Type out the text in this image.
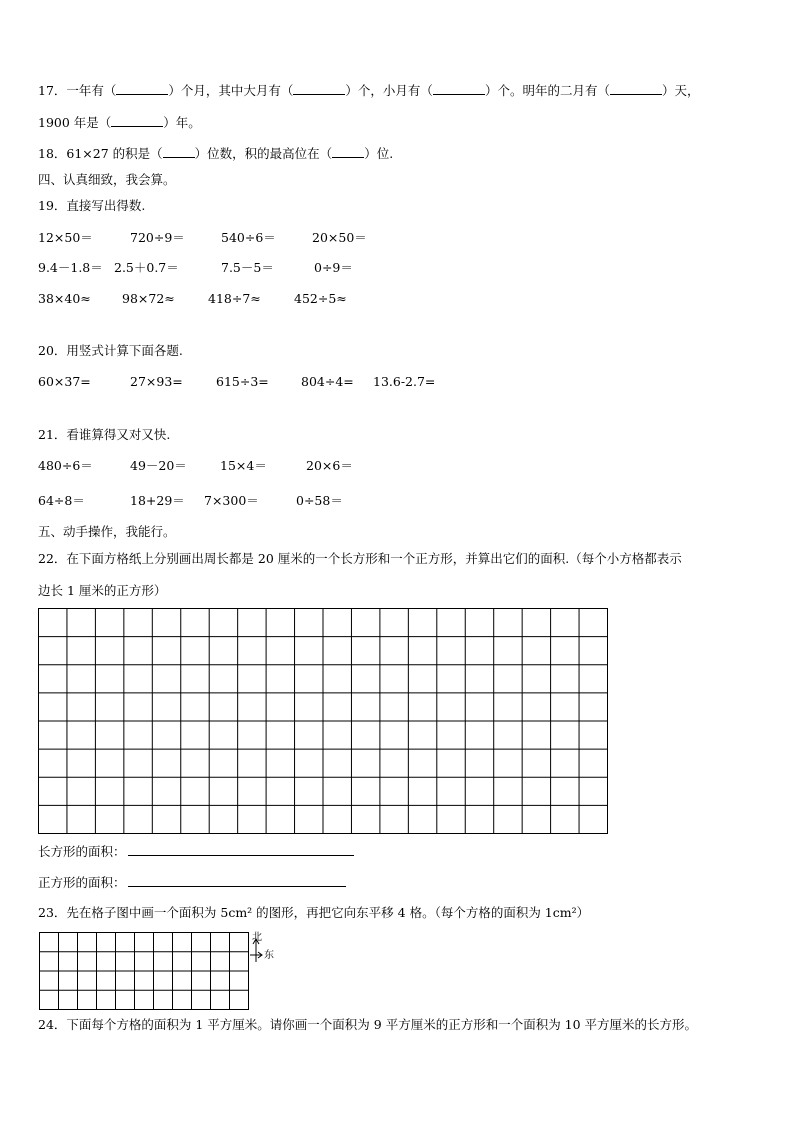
17．一年有（	）个月，其中大月有（	）个，小月有（	）个。明年的二月有（	）天，
1900 年是（	）年。
18．61×27 的积是（	）位数，积的最高位在（	）位.
四、认真细致，我会算。
19．直接写出得数.
12×50＝	720÷9＝	540÷6＝	20×50＝
9.4－1.8＝ 2.5＋0.7＝	7.5－5＝	0÷9＝
38×40≈ 98×72≈	418÷7≈	452÷5≈
20．用竖式计算下面各题.
60×37=	27×93=	615÷3=	804÷4= 13.6-2.7=
21．看谁算得又对又快.
480÷6＝	49－20＝	15×4＝	20×6＝
64÷8＝	18+29＝ 7×300＝	0÷58＝
五、动手操作，我能行。
22．在下面方格纸上分别画出周长都是 20 厘米的一个长方形和一个正方形，并算出它们的面积.（每个小方格都表示
边长 1 厘米的正方形）
长方形的面积：
正方形的面积：
23．先在格子图中画一个面积为 5cm² 的图形，再把它向东平移 4 格。（每个方格的面积为 1cm²）
北
东
24．下面每个方格的面积为 1 平方厘米。请你画一个面积为 9 平方厘米的正方形和一个面积为 10 平方厘米的长方形。
